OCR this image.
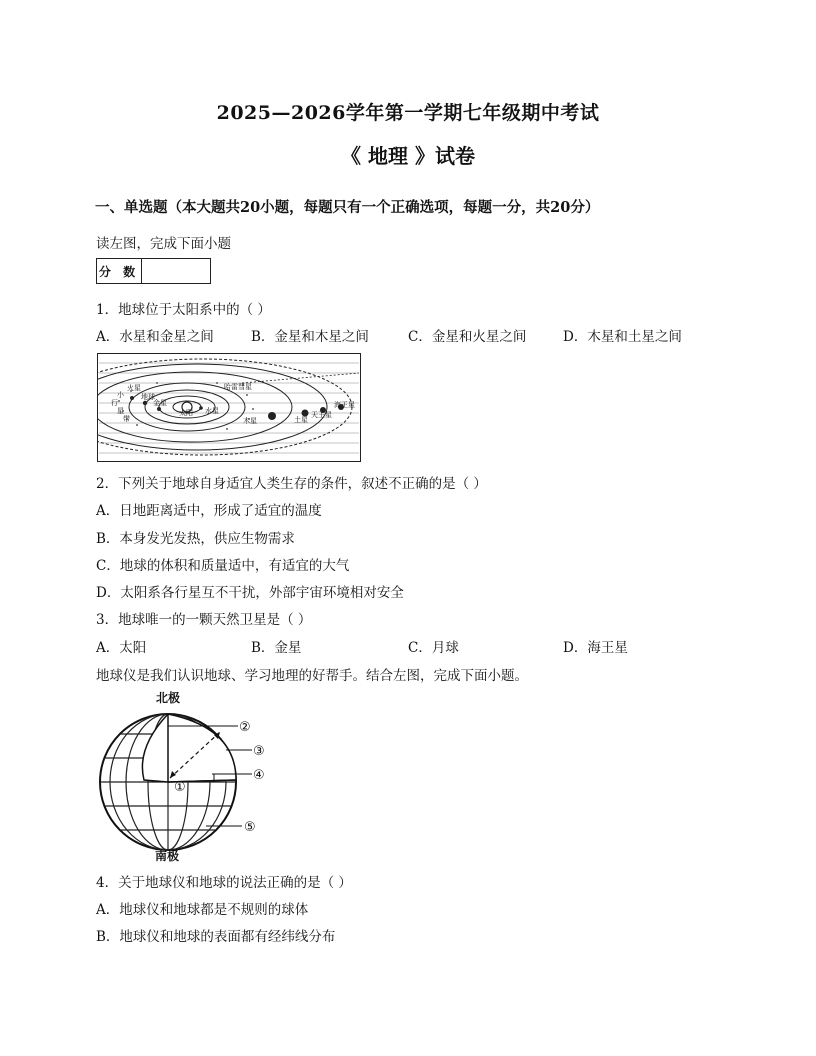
2025—2026学年第一学期七年级期中考试
《 地理 》试卷
一、单选题（本大题共20小题，每题只有一个正确选项，每题一分，共20分）
读左图，完成下面小题
分 数
1．地球位于太阳系中的（ ）
A．水星和金星之间	B．金星和木星之间	C．金星和火星之间	D．木星和土星之间
小
行
星
带
火星
地球
金星
太阳 水星
哈雷彗星
木星	土星
天王星
海王星
2．下列关于地球自身适宜人类生存的条件，叙述不正确的是（ ）
A．日地距离适中，形成了适宜的温度
B．本身发光发热，供应生物需求
C．地球的体积和质量适中，有适宜的大气
D．太阳系各行星互不干扰，外部宇宙环境相对安全
3．地球唯一的一颗天然卫星是（ ）
A．太阳	B．金星	C．月球	D．海王星
地球仪是我们认识地球、学习地理的好帮手。结合左图，完成下面小题。
北极
南极
①
②
③
④
⑤
4．关于地球仪和地球的说法正确的是（ ）
A．地球仪和地球都是不规则的球体
B．地球仪和地球的表面都有经纬线分布
